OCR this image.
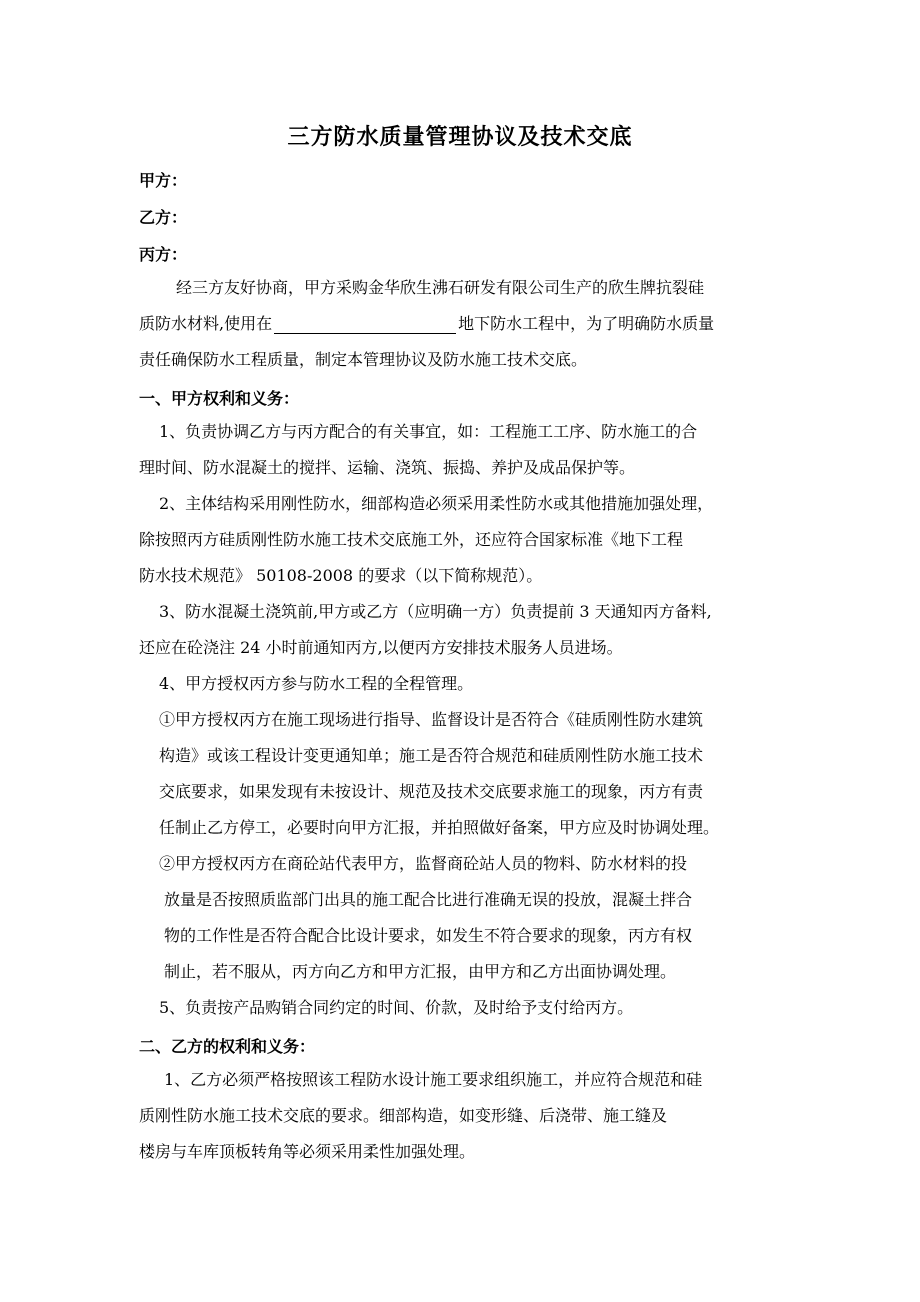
三方防水质量管理协议及技术交底
甲方：
乙方：
丙方：
经三方友好协商，甲方采购金华欣生沸石研发有限公司生产的欣生牌抗裂硅
质防水材料,使用在	地下防水工程中，为了明确防水质量
责任确保防水工程质量，制定本管理协议及防水施工技术交底。
一、甲方权利和义务：
1、负责协调乙方与丙方配合的有关事宜，如：工程施工工序、防水施工的合
理时间、防水混凝土的搅拌、运输、浇筑、振捣、养护及成品保护等。
2、主体结构采用刚性防水，细部构造必须采用柔性防水或其他措施加强处理，
除按照丙方硅质刚性防水施工技术交底施工外，还应符合国家标准《地下工程
防水技术规范》 50108-2008 的要求（以下简称规范）。
3、防水混凝土浇筑前,甲方或乙方（应明确一方）负责提前 3 天通知丙方备料,
还应在砼浇注 24 小时前通知丙方,以便丙方安排技术服务人员进场。
4、甲方授权丙方参与防水工程的全程管理。
①甲方授权丙方在施工现场进行指导、监督设计是否符合《硅质刚性防水建筑
构造》或该工程设计变更通知单；施工是否符合规范和硅质刚性防水施工技术
交底要求，如果发现有未按设计、规范及技术交底要求施工的现象，丙方有责
任制止乙方停工，必要时向甲方汇报，并拍照做好备案，甲方应及时协调处理。
②甲方授权丙方在商砼站代表甲方，监督商砼站人员的物料、防水材料的投
放量是否按照质监部门出具的施工配合比进行准确无误的投放，混凝土拌合
物的工作性是否符合配合比设计要求，如发生不符合要求的现象，丙方有权
制止，若不服从，丙方向乙方和甲方汇报，由甲方和乙方出面协调处理。
5、负责按产品购销合同约定的时间、价款，及时给予支付给丙方。
二、乙方的权利和义务：
1、乙方必须严格按照该工程防水设计施工要求组织施工，并应符合规范和硅
质刚性防水施工技术交底的要求。细部构造，如变形缝、后浇带、施工缝及
楼房与车库顶板转角等必须采用柔性加强处理。
